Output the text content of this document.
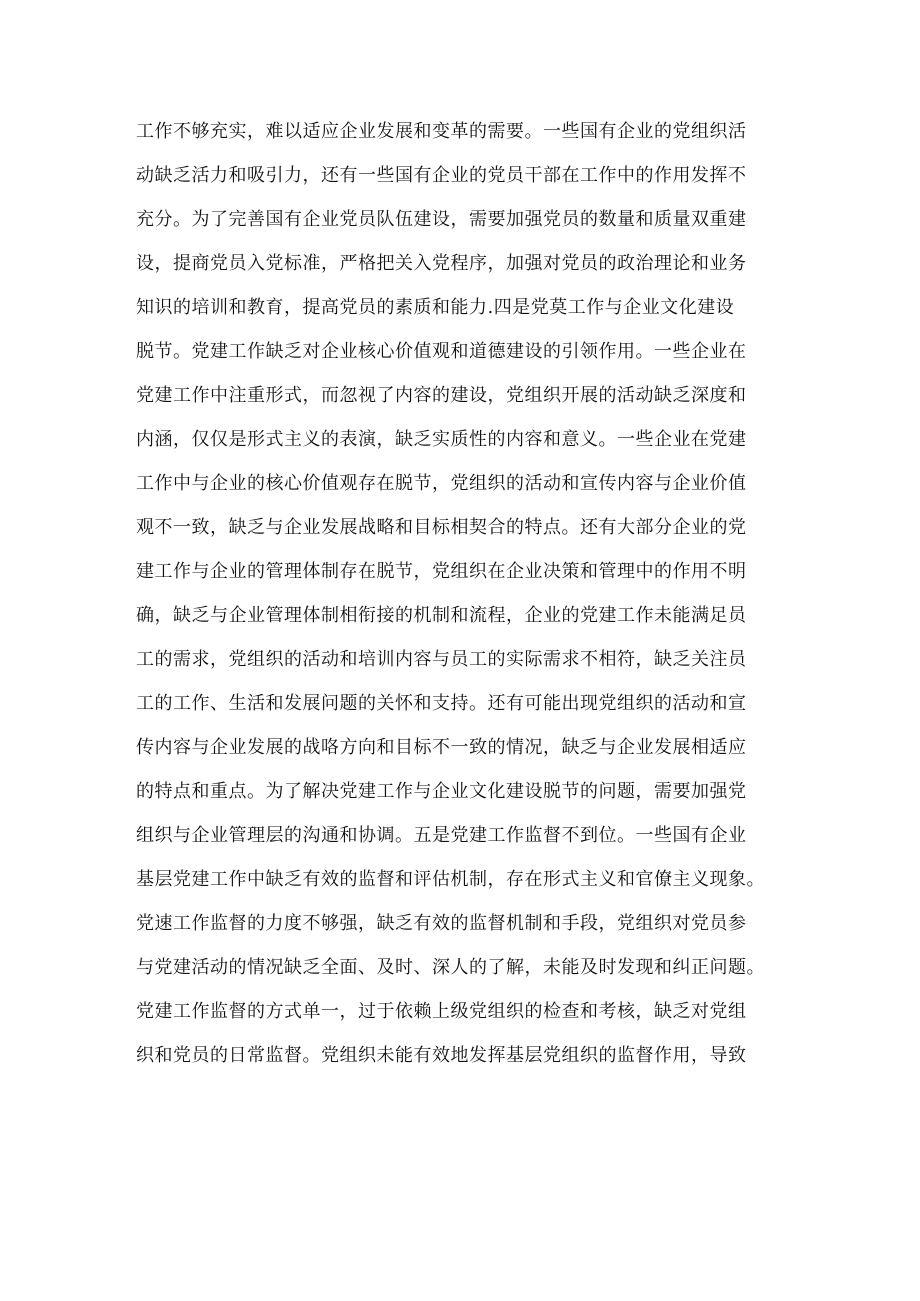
工作不够充实，难以适应企业发展和变革的需要。一些国有企业的党组织活
动缺乏活力和吸引力，还有一些国有企业的党员干部在工作中的作用发挥不
充分。为了完善国有企业党员队伍建设，需要加强党员的数量和质量双重建
设，提商党员入党标准，严格把关入党程序，加强对党员的政治理论和业务
知识的培训和教育，提高党员的素质和能力.四是党莫工作与企业文化建设
脱节。党建工作缺乏对企业核心价值观和道德建设的引领作用。一些企业在
党建工作中注重形式，而忽视了内容的建设，党组织开展的活动缺乏深度和
内涵，仅仅是形式主义的表演，缺乏实质性的内容和意义。一些企业在党建
工作中与企业的核心价值观存在脱节，党组织的活动和宣传内容与企业价值
观不一致，缺乏与企业发展战略和目标相契合的特点。还有大部分企业的党
建工作与企业的管理体制存在脱节，党组织在企业决策和管理中的作用不明
确，缺乏与企业管理体制相衔接的机制和流程，企业的党建工作未能满足员
工的需求，党组织的活动和培训内容与员工的实际需求不相符，缺乏关注员
工的工作、生活和发展问题的关怀和支持。还有可能出现党组织的活动和宣
传内容与企业发展的战咯方向和目标不一致的情况，缺乏与企业发展相适应
的特点和重点。为了解决党建工作与企业文化建设脱节的问题，需要加强党
组织与企业管理层的沟通和协调。五是党建工作监督不到位。一些国有企业
基层党建工作中缺乏有效的监督和评估机制，存在形式主义和官僚主义现象。
党速工作监督的力度不够强，缺乏有效的监督机制和手段，党组织对党员参
与党建活动的情况缺乏全面、及时、深人的了解，未能及时发现和纠正问题。
党建工作监督的方式单一，过于依赖上级党组织的检查和考核，缺乏对党组
织和党员的日常监督。党组织未能有效地发挥基层党组织的监督作用，导致
